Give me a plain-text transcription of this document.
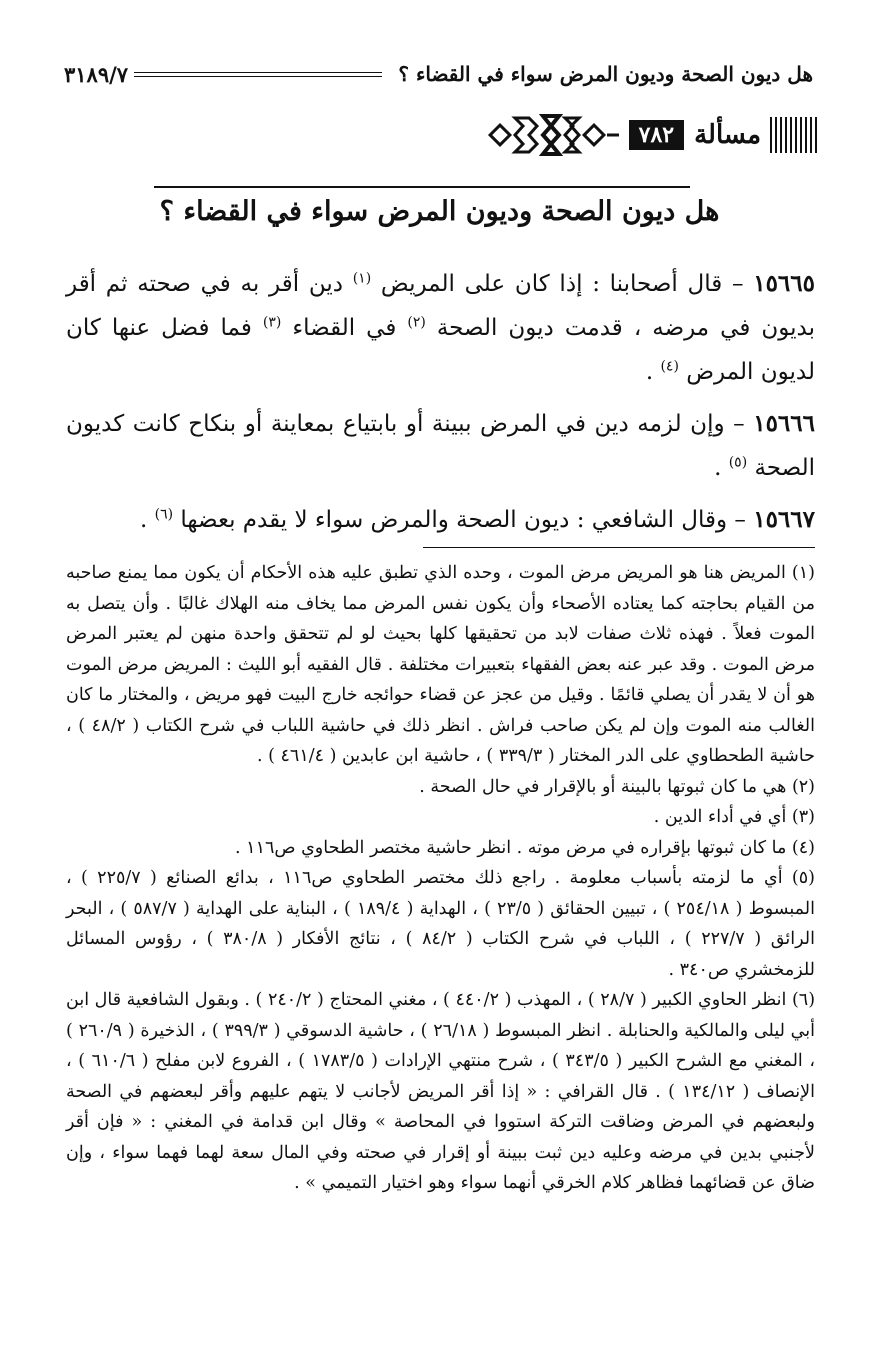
هل ديون الصحة وديون المرض سواء في القضاء ؟
٣١٨٩/٧
مسألة
٧٨٢
هل ديون الصحة وديون المرض سواء في القضاء ؟

١٥٦٦٥ – قال أصحابنا : إذا كان على المريض $^{(١)}$ دين أقر به في صحته ثم أقر بديون في مرضه ، قدمت ديون الصحة $^{(٢)}$ في القضاء $^{(٣)}$ فما فضل عنها كان لديون المرض $^{(٤)}$ .

١٥٦٦٦ – وإن لزمه دين في المرض ببينة أو بابتياع بمعاينة أو بنكاح كانت كديون الصحة $^{(٥)}$ .

١٥٦٦٧ – وقال الشافعي : ديون الصحة والمرض سواء لا يقدم بعضها $^{(٦)}$ .

(١) المريض هنا هو المريض مرض الموت ، وحده الذي تطبق عليه هذه الأحكام أن يكون مما يمنع صاحبه من القيام بحاجته كما يعتاده الأصحاء وأن يكون نفس المرض مما يخاف منه الهلاك غالبًا . وأن يتصل به الموت فعلاً . فهذه ثلاث صفات لابد من تحقيقها كلها بحيث لو لم تتحقق واحدة منهن لم يعتبر المرض مرض الموت . وقد عبر عنه بعض الفقهاء بتعبيرات مختلفة . قال الفقيه أبو الليث : المريض مرض الموت هو أن لا يقدر أن يصلي قائمًا . وقيل من عجز عن قضاء حوائجه خارج البيت فهو مريض ، والمختار ما كان الغالب منه الموت وإن لم يكن صاحب فراش . انظر ذلك في حاشية اللباب في شرح الكتاب ( ٤٨/٢ ) ، حاشية الطحطاوي على الدر المختار ( ٣٣٩/٣ ) ، حاشية ابن عابدين ( ٤٦١/٤ ) .

(٢) هي ما كان ثبوتها بالبينة أو بالإقرار في حال الصحة .

(٣) أي في أداء الدين .

(٤) ما كان ثبوتها بإقراره في مرض موته . انظر حاشية مختصر الطحاوي ص١١٦ .

(٥) أي ما لزمته بأسباب معلومة . راجع ذلك مختصر الطحاوي ص١١٦ ، بدائع الصنائع ( ٢٢٥/٧ ) ، المبسوط ( ٢٥٤/١٨ ) ، تبيين الحقائق ( ٢٣/٥ ) ، الهداية ( ١٨٩/٤ ) ، البناية على الهداية ( ٥٨٧/٧ ) ، البحر الرائق ( ٢٢٧/٧ ) ، اللباب في شرح الكتاب ( ٨٤/٢ ) ، نتائج الأفكار ( ٣٨٠/٨ ) ، رؤوس المسائل للزمخشري ص٣٤٠ .

(٦) انظر الحاوي الكبير ( ٢٨/٧ ) ، المهذب ( ٤٤٠/٢ ) ، مغني المحتاج ( ٢٤٠/٢ ) . وبقول الشافعية قال ابن أبي ليلى والمالكية والحنابلة . انظر المبسوط ( ٢٦/١٨ ) ، حاشية الدسوقي ( ٣٩٩/٣ ) ، الذخيرة ( ٢٦٠/٩ ) ، المغني مع الشرح الكبير ( ٣٤٣/٥ ) ، شرح منتهي الإرادات ( ١٧٨٣/٥ ) ، الفروع لابن مفلح ( ٦١٠/٦ ) ، الإنصاف ( ١٣٤/١٢ ) . قال القرافي : « إذا أقر المريض لأجانب لا يتهم عليهم وأقر لبعضهم في الصحة ولبعضهم في المرض وضاقت التركة استووا في المحاصة » وقال ابن قدامة في المغني : « فإن أقر لأجنبي بدين في مرضه وعليه دين ثبت ببينة أو إقرار في صحته وفي المال سعة لهما فهما سواء ، وإن ضاق عن قضائهما فظاهر كلام الخرقي أنهما سواء وهو اختيار التميمي » .
